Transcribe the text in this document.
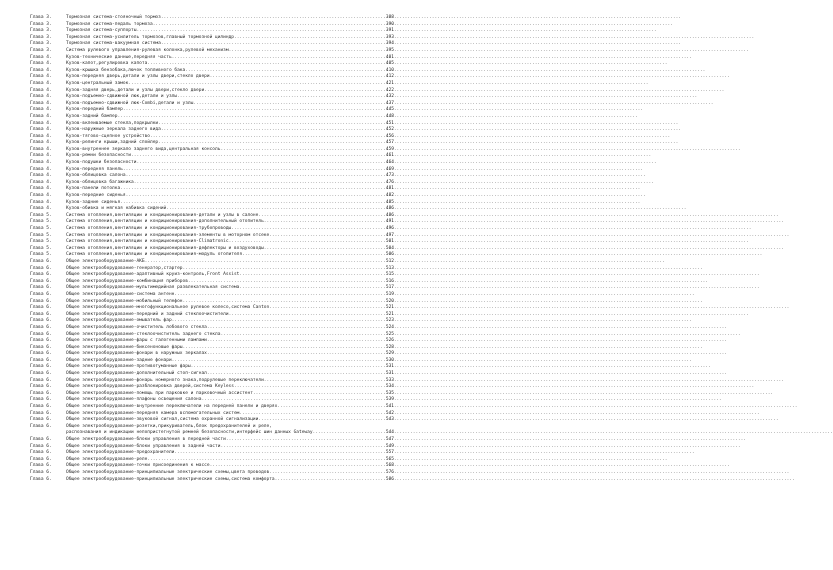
Глава 3.	Тормозная система-стояночный тормоз .....	388
Глава 3.	Тормозная система-педаль тормоза .....	390
Глава 3.	Тормозная система-суппорты .....	391
Глава 3.	Тормозная система-усилитель тормозов,главный тормозной цилиндр .....	393
Глава 3.	Тормозная система-вакуумная система .....	394
Глава 3.	Система рулевого управления-рулевая колонка,рулевой механизм .....	395
Глава 4.	Кузов-технические данные,передняя часть .....	401
Глава 4.	Кузов-капот,регулировка капота .....	405
Глава 4.	Кузов-крышка бензобака,лючок топливного бака .....	410
Глава 4.	Кузов-передняя дверь,детали и узлы двери,стекло двери .....	412
Глава 4.	Кузов-центральный замок .....	421
Глава 4.	Кузов-задняя дверь,детали и узлы двери,стекло двери .....	422
Глава 4.	Кузов-подъемно-сдвижной люк,детали и узлы .....	432
Глава 4.	Кузов-подъемно-сдвижной люк-Combi,детали и узлы .....	437
Глава 4.	Кузов-передний бампер .....	445
Глава 4.	Кузов-задний бампер .....	448
Глава 4.	Кузов-вклеиваемые стекла,подкрылки .....	451
Глава 4.	Кузов-наружные зеркала заднего вида .....	452
Глава 4.	Кузов-тягово-сцепное устройство .....	456
Глава 4.	Кузов-релинги крыши,задний спойлер .....	457
Глава 4.	Кузов-внутреннее зеркало заднего вида,центральная консоль .....	459
Глава 4.	Кузов-ремни безопасности .....	461
Глава 4.	Кузов-подушки безопасности .....	464
Глава 4.	Кузов-передняя панель .....	469
Глава 4.	Кузов-облицовка салона .....	473
Глава 4.	Кузов-облицовка багажника .....	476
Глава 4.	Кузов-панели потолка .....	481
Глава 4.	Кузов-передние сиденья .....	482
Глава 4.	Кузов-задние сиденья .....	485
Глава 4.	Кузов-обивка и мягкая набивка сидений .....	486
Глава 5.	Система отопления,вентиляции и кондиционирования-детали и узлы в салоне .....	486
Глава 5.	Система отопления,вентиляции и кондиционирования-дополнительный отопитель .....	491
Глава 5.	Система отопления,вентиляции и кондиционирования-трубопроводы .....	496
Глава 5.	Система отопления,вентиляции и кондиционирования-элементы в моторном отсеке .....	497
Глава 5.	Система отопления,вентиляции и кондиционирования-Climatronic .....	501
Глава 5.	Система отопления,вентиляции и кондиционирования-дефлекторы и воздуховоды .....	504
Глава 5.	Система отопления,вентиляции и кондиционирования-модуль отопителя .....	506
Глава 6.	Общее электрооборудование-АКБ .....	512
Глава 6.	Общее электрооборудование-генератор,стартер .....	513
Глава 6.	Общее электрооборудование-адаптивный круиз-контроль,Front Assist .....	515
Глава 6.	Общее электрооборудование-комбинация приборов .....	516
Глава 6.	Общее электрооборудование-мультимедийная развлекательная система .....	517
Глава 6.	Общее электрооборудование-система антенн .....	519
Глава 6.	Общее электрооборудование-мобильный телефон .....	520
Глава 6.	Общее электрооборудование-многофункциональное рулевое колесо,система Canton .....	521
Глава 6.	Общее электрооборудование-передний и задний стеклоочистители .....	521
Глава 6.	Общее электрооборудование-омыватель фар .....	523
Глава 6.	Общее электрооборудование-очиститель лобового стекла .....	524
Глава 6.	Общее электрооборудование-стеклоочиститель заднего стекла .....	525
Глава 6.	Общее электрооборудование-фары с галогенными лампами .....	526
Глава 6.	Общее электрооборудование-биксеноновые фары .....	528
Глава 6.	Общее электрооборудование-фонари в наружных зеркалах .....	529
Глава 6.	Общее электрооборудование-задние фонари .....	530
Глава 6.	Общее электрооборудование-противотуманные фары .....	531
Глава 6.	Общее электрооборудование-дополнительный стоп-сигнал .....	531
Глава 6.	Общее электрооборудование-фонарь номерного знака,подрулевые переключатели .....	533
Глава 6.	Общее электрооборудование-разблокировка дверей,система Keyless .....	534
Глава 6.	Общее электрооборудование-помощь при парковке и парковочный ассистент .....	535
Глава 6.	Общее электрооборудование-плафоны освещения салона .....	539
Глава 6.	Общее электрооборудование-внутренние переключатели на передней панели и дверях .....	541
Глава 6.	Общее электрооборудование-передняя камера вспомогательных систем .....	542
Глава 6.	Общее электрооборудование-звуковой сигнал,система охранной сигнализации .....	543
Глава 6.	Общее электрооборудование-розетки,прикуриватель,блок предохранителей и реле,
распознавания и индикации непопристегнутой ремней безопасности,интерфейс шин данных Gateway .....	544
Глава 6.	Общее электрооборудование-блоки управления в передней части .....	547
Глава 6.	Общее электрооборудование-блоки управления в задней части .....	549
Глава 6.	Общее электрооборудование-предохранители .....	557
Глава 6.	Общее электрооборудование-реле .....	565
Глава 6.	Общее электрооборудование-точки присоединения к массе .....	568
Глава 6.	Общее электрооборудование-принципиальные электрические схемы,цвета проводов .....	576
Глава 6.	Общее электрооборудование-принципиальные электрические схемы,система комфорта .....	586
